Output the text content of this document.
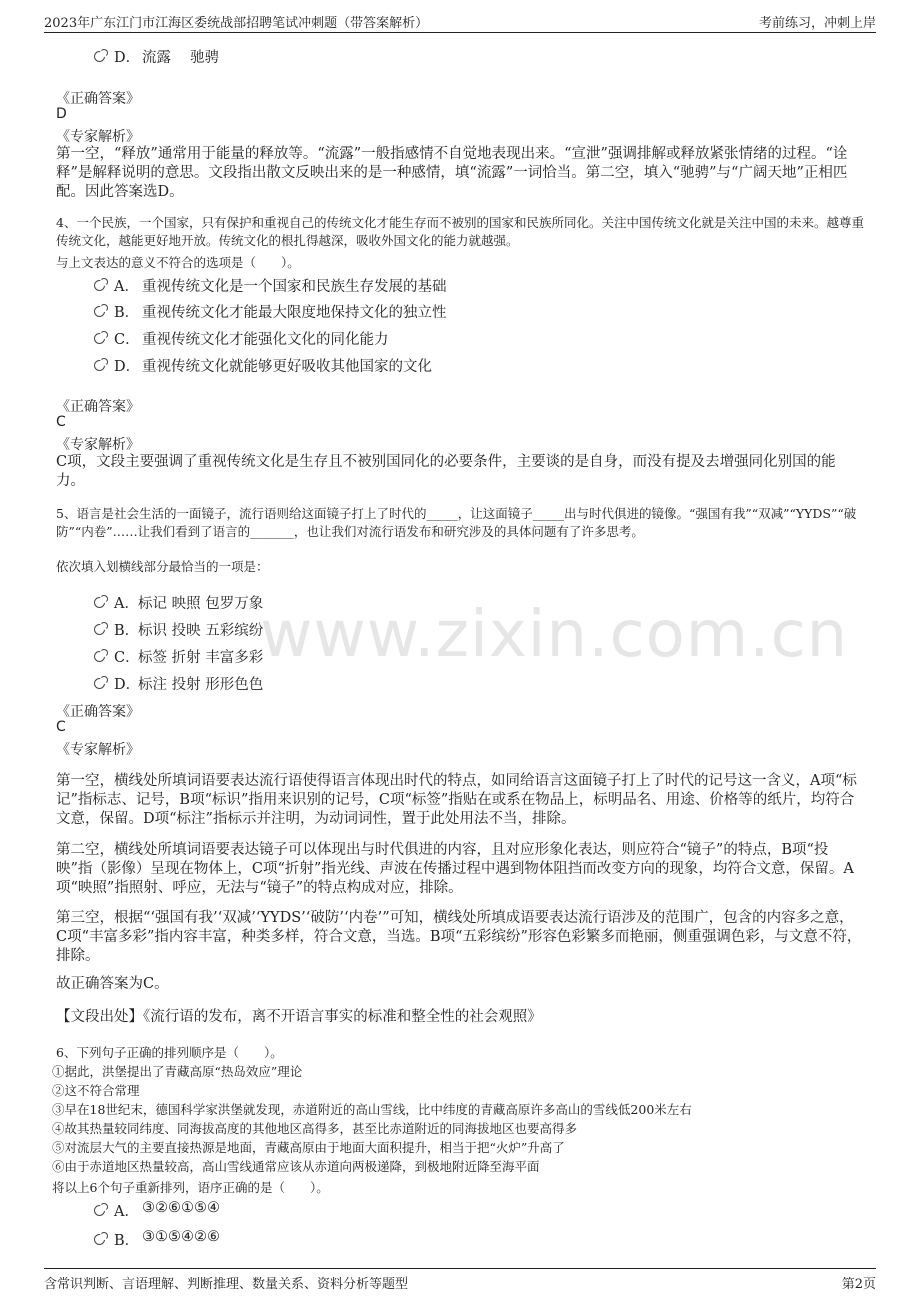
2023年广东江门市江海区委统战部招聘笔试冲刺题（带答案解析）	考前练习，冲刺上岸
www.zixin.com.cn
D． 流露　 驰骋
《正确答案》
D
《专家解析》
第一空，“释放”通常用于能量的释放等。“流露”一般指感情不自觉地表现出来。“宣泄”强调排解或释放紧张情绪的过程。“诠释”是解释说明的意思。文段指出散文反映出来的是一种感情，填“流露”一词恰当。第二空，填入“驰骋”与“广阔天地”正相匹配。因此答案选D。
4、一个民族，一个国家，只有保护和重视自己的传统文化才能生存而不被别的国家和民族所同化。关注中国传统文化就是关注中国的未来。越尊重传统文化，越能更好地开放。传统文化的根扎得越深，吸收外国文化的能力就越强。
与上文表达的意义不符合的选项是（　　）。
A． 重视传统文化是一个国家和民族生存发展的基础
B． 重视传统文化才能最大限度地保持文化的独立性
C． 重视传统文化才能强化文化的同化能力
D． 重视传统文化就能够更好吸收其他国家的文化
《正确答案》
C
《专家解析》
C项，文段主要强调了重视传统文化是生存且不被别国同化的必要条件，主要谈的是自身，而没有提及去增强同化别国的能力。
5、语言是社会生活的一面镜子，流行语则给这面镜子打上了时代的_____，让这面镜子_____出与时代俱进的镜像。“强国有我”“双减”“YYDS”“破防”“内卷”……让我们看到了语言的_______，也让我们对流行语发布和研究涉及的具体问题有了许多思考。
依次填入划横线部分最恰当的一项是：
A． 标记 映照 包罗万象
B．
标识 投映 五彩缤纷
C．
标签 折射 丰富多彩
D．
标注 投射 形形色色
《正确答案》
C
《专家解析》
第一空，横线处所填词语要表达流行语使得语言体现出时代的特点，如同给语言这面镜子打上了时代的记号这一含义，A项“标记”指标志、记号，B项“标识”指用来识别的记号，C项“标签”指贴在或系在物品上，标明品名、用途、价格等的纸片，均符合文意，保留。D项“标注”指标示并注明，为动词词性，置于此处用法不当，排除。
第二空，横线处所填词语要表达镜子可以体现出与时代俱进的内容，且对应形象化表达，则应符合“镜子”的特点，B项“投映”指（影像）呈现在物体上，C项“折射”指光线、声波在传播过程中遇到物体阻挡而改变方向的现象，均符合文意，保留。A项“映照”指照射、呼应，无法与“镜子”的特点构成对应，排除。
第三空，根据“‘强国有我’‘双减’‘YYDS’‘破防’‘内卷’”可知，横线处所填成语要表达流行语涉及的范围广，包含的内容多之意，C项“丰富多彩”指内容丰富，种类多样，符合文意，当选。B项“五彩缤纷”形容色彩繁多而艳丽，侧重强调色彩，与文意不符，排除。
故正确答案为C。
【文段出处】《流行语的发布，离不开语言事实的标准和整全性的社会观照》
6、下列句子正确的排列顺序是（　　）。
①据此，洪堡提出了青藏高原“热岛效应”理论
②这不符合常理
③早在18世纪末，德国科学家洪堡就发现，赤道附近的高山雪线，比中纬度的青藏高原许多高山的雪线低200米左右
④故其热量较同纬度、同海拔高度的其他地区高得多，甚至比赤道附近的同海拔地区也要高得多
⑤对流层大气的主要直接热源是地面，青藏高原由于地面大面积提升，相当于把“火炉”升高了
⑥由于赤道地区热量较高，高山雪线通常应该从赤道向两极递降，到极地附近降至海平面
将以上6个句子重新排列，语序正确的是（　　）。
A． ③②⑥①⑤④
B． ③①⑤④②⑥
含常识判断、言语理解、判断推理、数量关系、资料分析等题型	第2页
